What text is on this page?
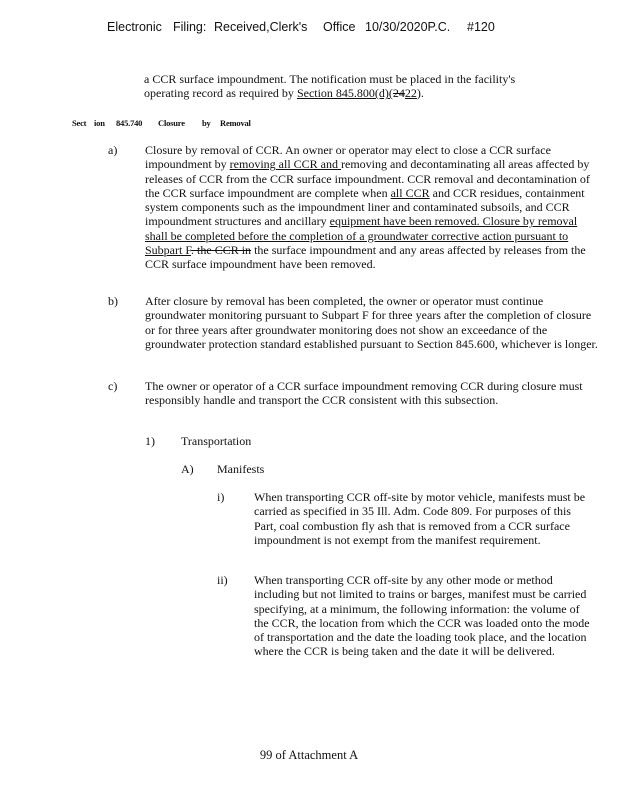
Electronic Filing: Received,Clerk's Office 10/30/2020P.C. #120
a CCR surface impoundment. The notification must be placed in the facility's
operating record as required by Section 845.800(d)(2422).
Sect ion 845.740 Closure by Removal
a) Closure by removal of CCR. An owner or operator may elect to close a CCR surface impoundment by removing all CCR and removing and decontaminating all areas affected by releases of CCR from the CCR surface impoundment. CCR removal and decontamination of the CCR surface impoundment are complete when all CCR and CCR residues, containment system components such as the impoundment liner and contaminated subsoils, and CCR impoundment structures and ancillary equipment have been removed. Closure by removal shall be completed before the completion of a groundwater corrective action pursuant to Subpart F. the CCR in the surface impoundment and any areas affected by releases from the CCR surface impoundment have been removed.
b) After closure by removal has been completed, the owner or operator must continue groundwater monitoring pursuant to Subpart F for three years after the completion of closure or for three years after groundwater monitoring does not show an exceedance of the groundwater protection standard established pursuant to Section 845.600, whichever is longer.
c) The owner or operator of a CCR surface impoundment removing CCR during closure must responsibly handle and transport the CCR consistent with this subsection.
1) Transportation
A) Manifests
i) When transporting CCR off-site by motor vehicle, manifests must be carried as specified in 35 Ill. Adm. Code 809. For purposes of this Part, coal combustion fly ash that is removed from a CCR surface impoundment is not exempt from the manifest requirement.
ii) When transporting CCR off-site by any other mode or method including but not limited to trains or barges, manifest must be carried specifying, at a minimum, the following information: the volume of the CCR, the location from which the CCR was loaded onto the mode of transportation and the date the loading took place, and the location where the CCR is being taken and the date it will be delivered.
99 of Attachment A
